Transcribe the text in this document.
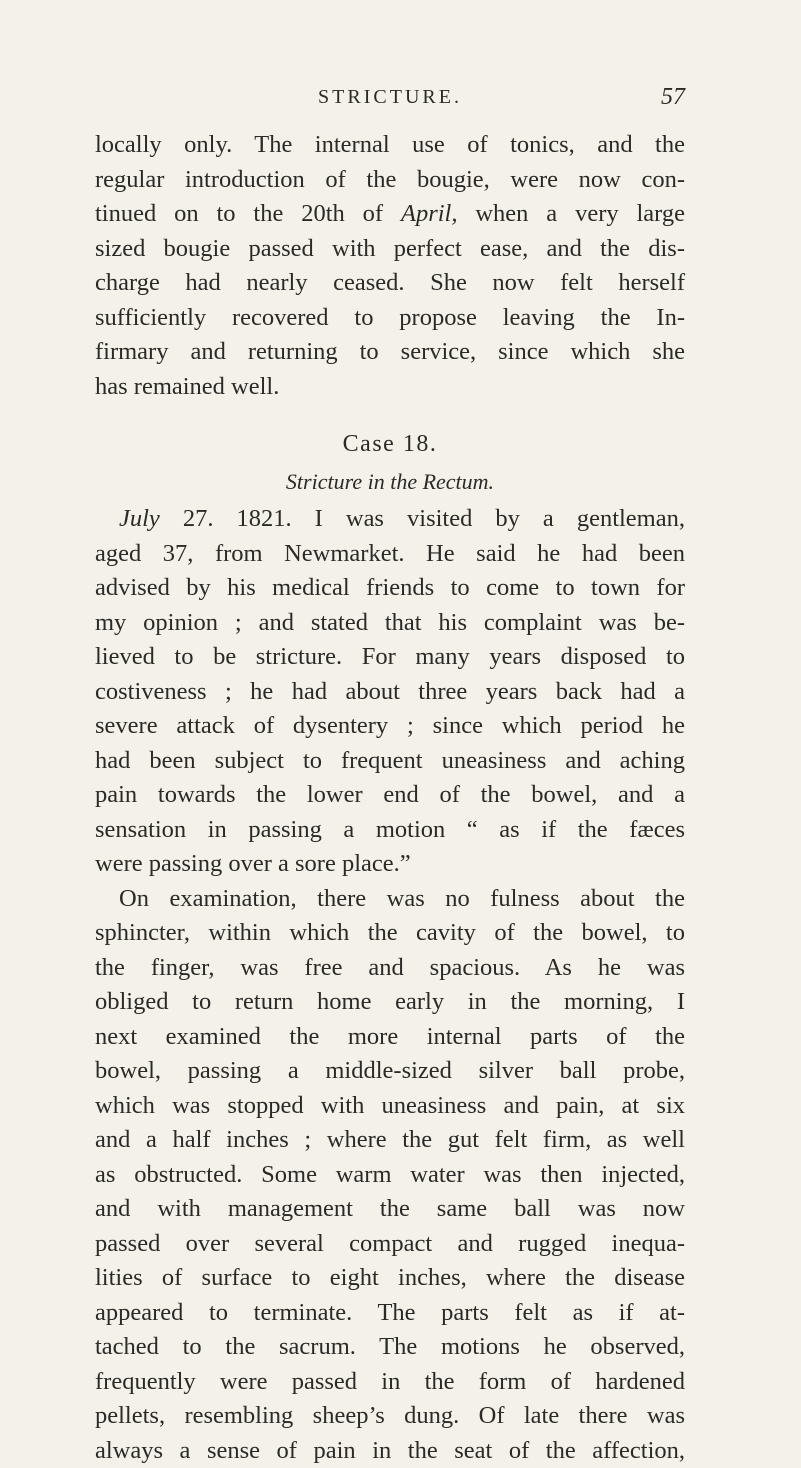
STRICTURE.	57
locally only. The internal use of tonics, and the
regular introduction of the bougie, were now con-
tinued on to the 20th of April, when a very large
sized bougie passed with perfect ease, and the dis-
charge had nearly ceased. She now felt herself
sufficiently recovered to propose leaving the In-
firmary and returning to service, since which she
has remained well.
Case 18.
Stricture in the Rectum.
July 27. 1821. I was visited by a gentleman,
aged 37, from Newmarket. He said he had been
advised by his medical friends to come to town for
my opinion ; and stated that his complaint was be-
lieved to be stricture. For many years disposed to
costiveness ; he had about three years back had a
severe attack of dysentery ; since which period he
had been subject to frequent uneasiness and aching
pain towards the lower end of the bowel, and a
sensation in passing a motion “ as if the fæces
were passing over a sore place.”
On examination, there was no fulness about the
sphincter, within which the cavity of the bowel, to
the finger, was free and spacious. As he was
obliged to return home early in the morning, I
next examined the more internal parts of the
bowel, passing a middle-sized silver ball probe,
which was stopped with uneasiness and pain, at six
and a half inches ; where the gut felt firm, as well
as obstructed. Some warm water was then injected,
and with management the same ball was now
passed over several compact and rugged inequa-
lities of surface to eight inches, where the disease
appeared to terminate. The parts felt as if at-
tached to the sacrum. The motions he observed,
frequently were passed in the form of hardened
pellets, resembling sheep’s dung. Of late there was
always a sense of pain in the seat of the affection,
